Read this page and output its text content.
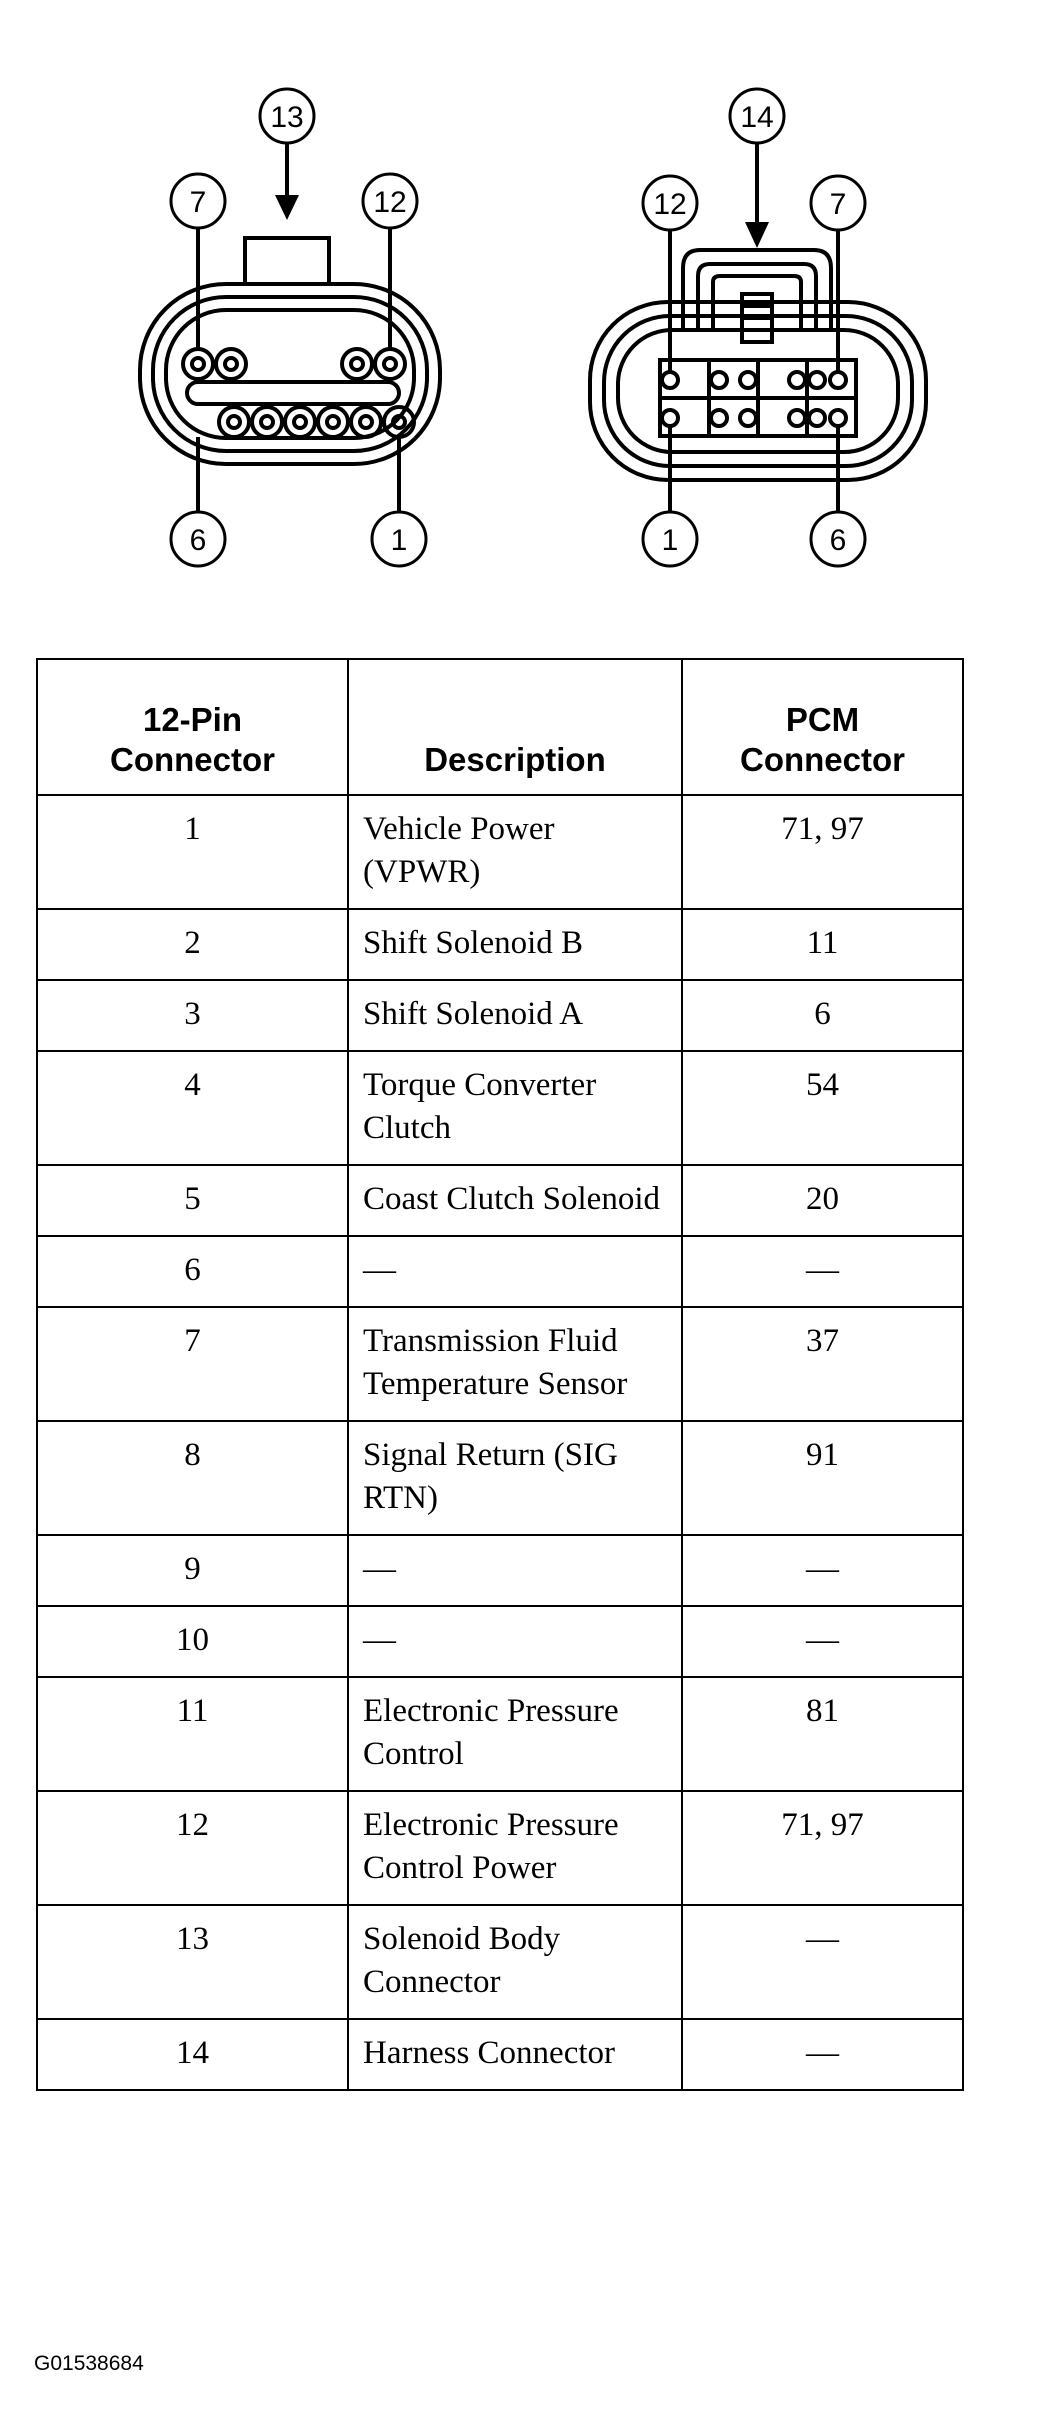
13
7	12
6	1
14
12	7
1	6
12-Pin
Connector	Description	PCM
Connector

1	Vehicle Power (VPWR)	71, 97
2	Shift Solenoid B	11
3	Shift Solenoid A	6
4	Torque Converter Clutch	54
5	Coast Clutch Solenoid	20
6	—	—
7	Transmission Fluid Temperature Sensor	37
8	Signal Return (SIG RTN)	91
9	—	—
10	—	—
11	Electronic Pressure Control	81
12	Electronic Pressure Control Power	71, 97
13	Solenoid Body Connector	—
14	Harness Connector	—
G01538684
